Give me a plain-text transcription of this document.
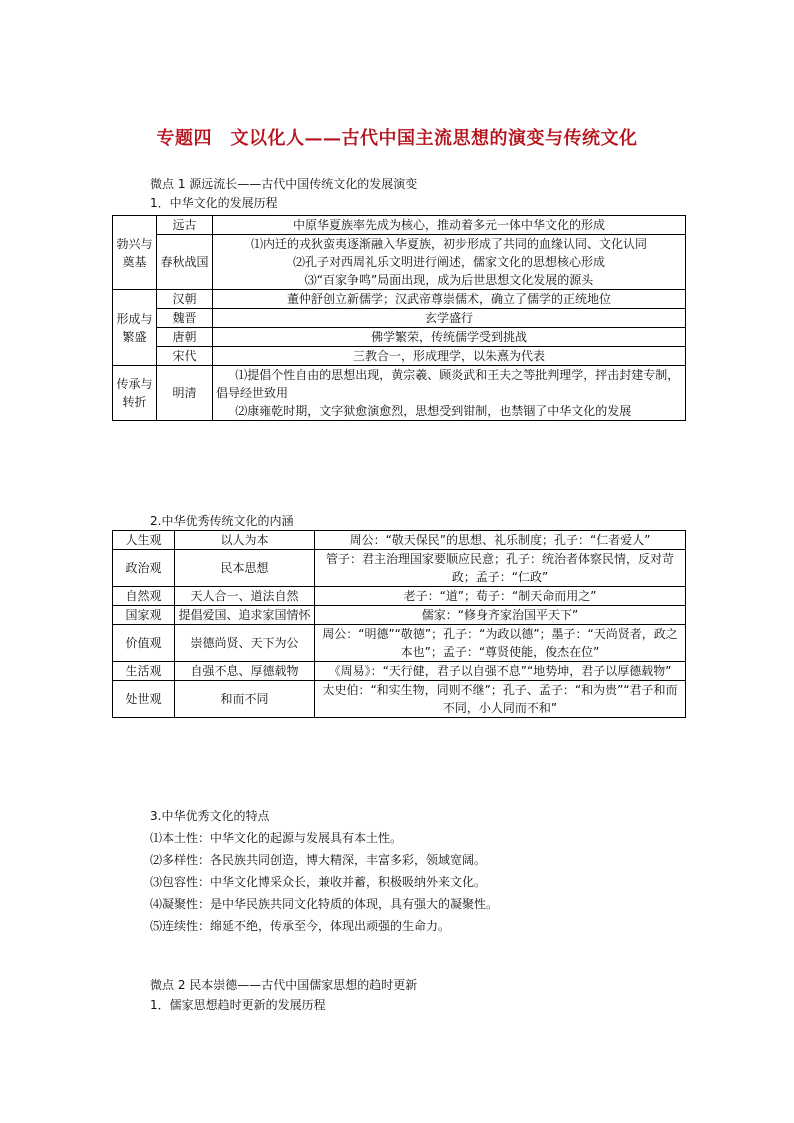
专题四　文以化人——古代中国主流思想的演变与传统文化
微点 1 源远流长——古代中国传统文化的发展演变
1．中华文化的发展历程
勃兴与奠基	远古	中原华夏族率先成为核心，推动着多元一体中华文化的形成
	春秋战国	⑴内迁的戎狄蛮夷逐渐融入华夏族，初步形成了共同的血缘认同、文化认同
⑵孔子对西周礼乐文明进行阐述，儒家文化的思想核心形成
⑶“百家争鸣”局面出现，成为后世思想文化发展的源头

形成与繁盛	汉朝	董仲舒创立新儒学；汉武帝尊崇儒术，确立了儒学的正统地位
	魏晋	玄学盛行
	唐朝	佛学繁荣，传统儒学受到挑战
	宋代	三教合一，形成理学，以朱熹为代表
传承与转折	明清	⑴提倡个性自由的思想出现，黄宗羲、顾炎武和王夫之等批判理学，抨击封建专制，倡导经世致用
⑵康雍乾时期，文字狱愈演愈烈，思想受到钳制，也禁锢了中华文化的发展
2.中华优秀传统文化的内涵
人生观	以人为本	周公：“敬天保民”的思想、礼乐制度；孔子：“仁者爱人”
政治观	民本思想	管子：君主治理国家要顺应民意；孔子：统治者体察民情，反对苛政；孟子：“仁政”
自然观	天人合一、道法自然	老子：“道”；荀子：“制天命而用之”
国家观	提倡爱国、追求家国情怀	儒家：“修身齐家治国平天下”
价值观	崇德尚贤、天下为公	周公：“明德”“敬德”；孔子：“为政以德”；墨子：“天尚贤者，政之本也”；孟子：“尊贤使能，俊杰在位”
生活观	自强不息、厚德载物	《周易》：“天行健，君子以自强不息”“地势坤，君子以厚德载物”
处世观	和而不同	太史伯：“和实生物，同则不继”；孔子、孟子：“和为贵”“君子和而不同，小人同而不和”
3.中华优秀文化的特点
⑴本土性：中华文化的起源与发展具有本土性。
⑵多样性：各民族共同创造，博大精深，丰富多彩，领域宽阔。
⑶包容性：中华文化博采众长，兼收并蓄，积极吸纳外来文化。
⑷凝聚性：是中华民族共同文化特质的体现，具有强大的凝聚性。
⑸连续性：绵延不绝，传承至今，体现出顽强的生命力。
微点 2 民本崇德——古代中国儒家思想的趋时更新
1．儒家思想趋时更新的发展历程
